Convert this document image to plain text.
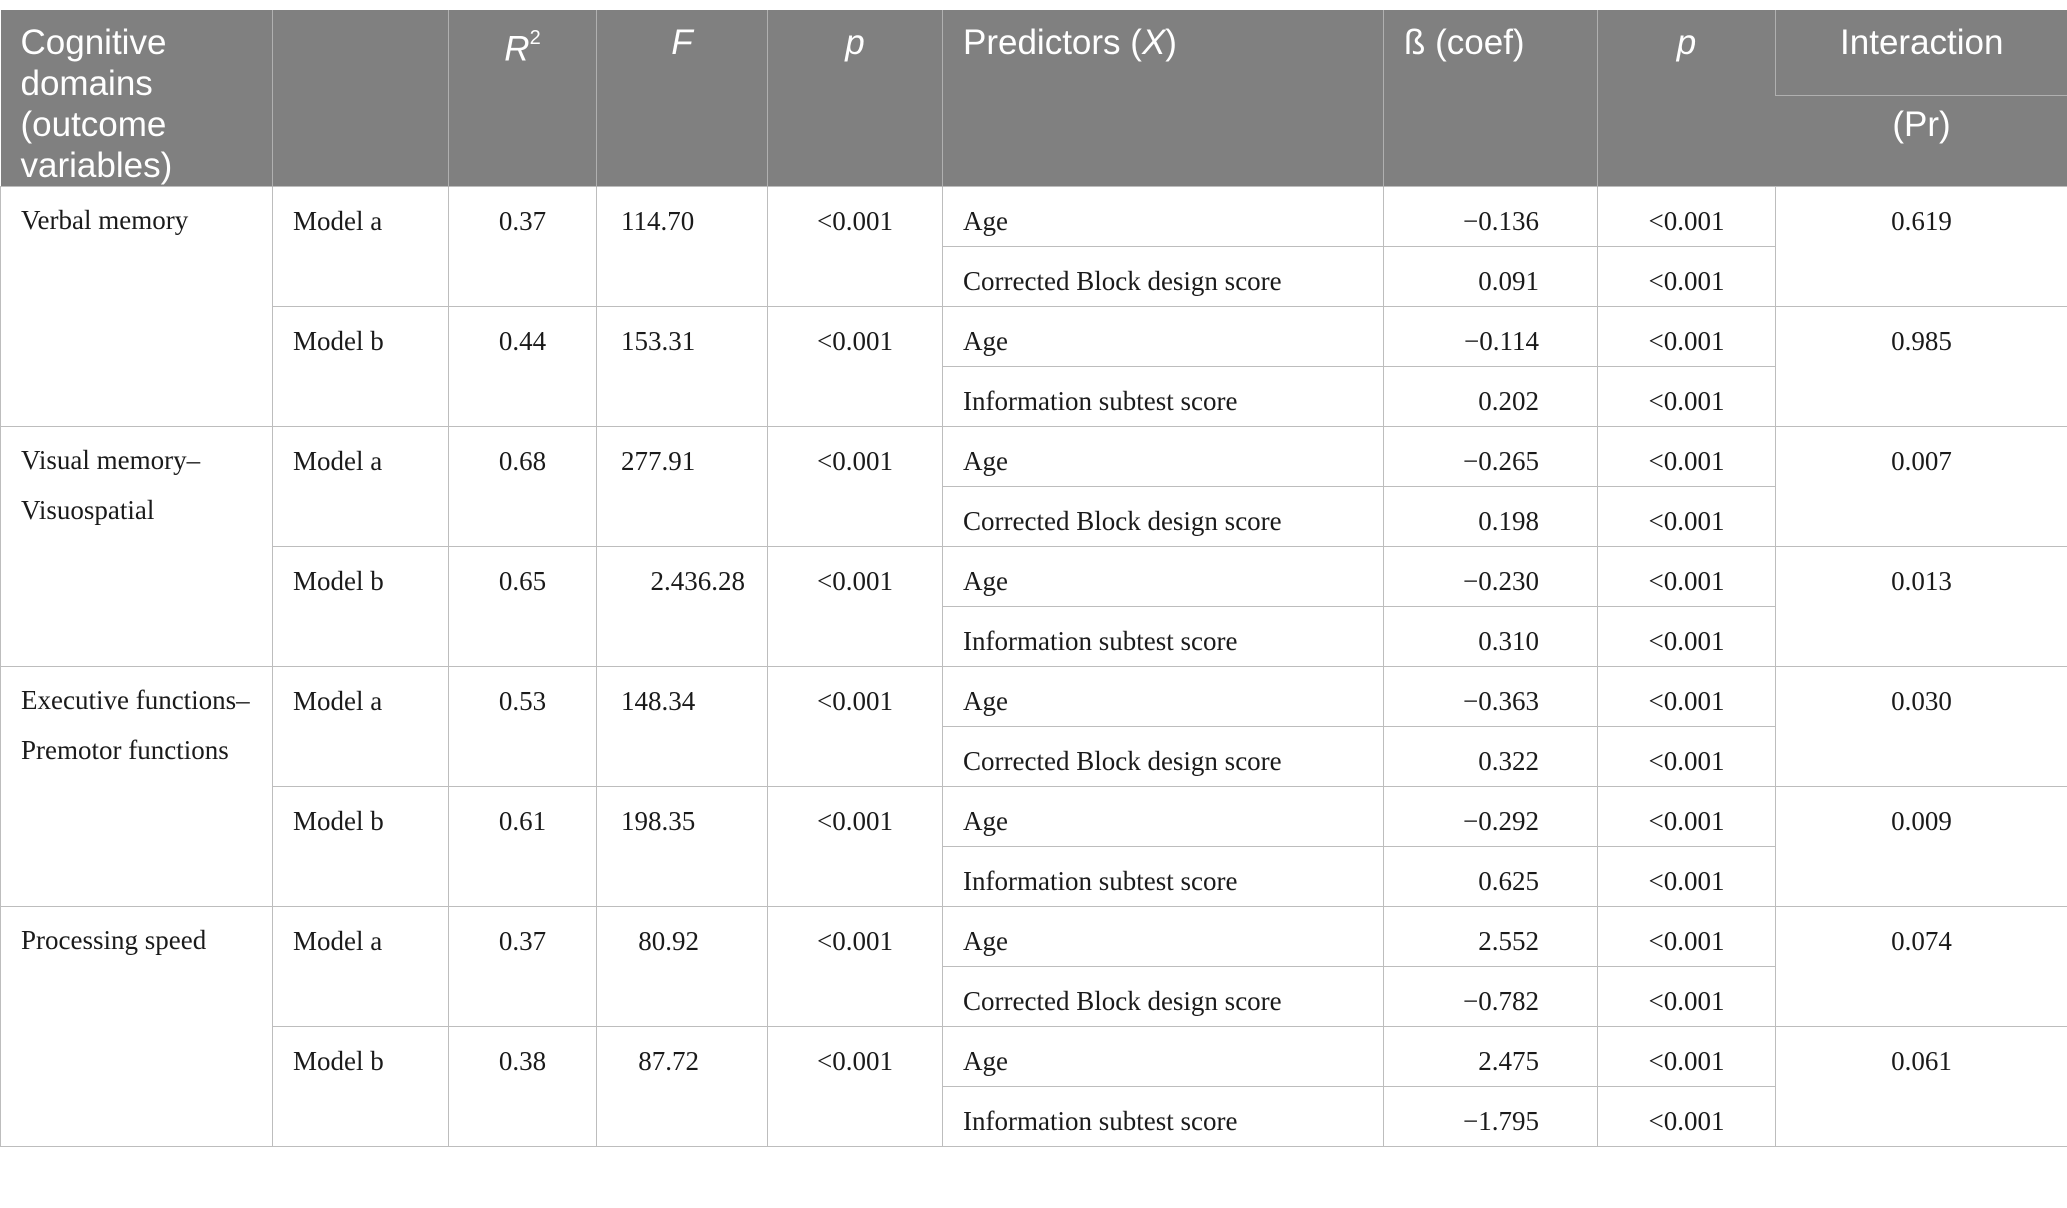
Cognitive domains (outcome variables)		$R^2$	F	p	Predictors (X)	ß (coef)	p	Interaction
								(Pr)
Verbal memory	Model a	0.37	114.70	<0.001	Age	−0.136	<0.001	0.619
					Corrected Block design score	0.091	<0.001	
	Model b	0.44	153.31	<0.001	Age	−0.114	<0.001	0.985
					Information subtest score	0.202	<0.001	
Visual memory–Visuospatial	Model a	0.68	277.91	<0.001	Age	−0.265	<0.001	0.007
					Corrected Block design score	0.198	<0.001	
	Model b	0.65	2.436.28	<0.001	Age	−0.230	<0.001	0.013
					Information subtest score	0.310	<0.001	
Executive functions–Premotor functions	Model a	0.53	148.34	<0.001	Age	−0.363	<0.001	0.030
					Corrected Block design score	0.322	<0.001	
	Model b	0.61	198.35	<0.001	Age	−0.292	<0.001	0.009
					Information subtest score	0.625	<0.001	
Processing speed	Model a	0.37	80.92	<0.001	Age	2.552	<0.001	0.074
					Corrected Block design score	−0.782	<0.001	
	Model b	0.38	87.72	<0.001	Age	2.475	<0.001	0.061
					Information subtest score	−1.795	<0.001	
